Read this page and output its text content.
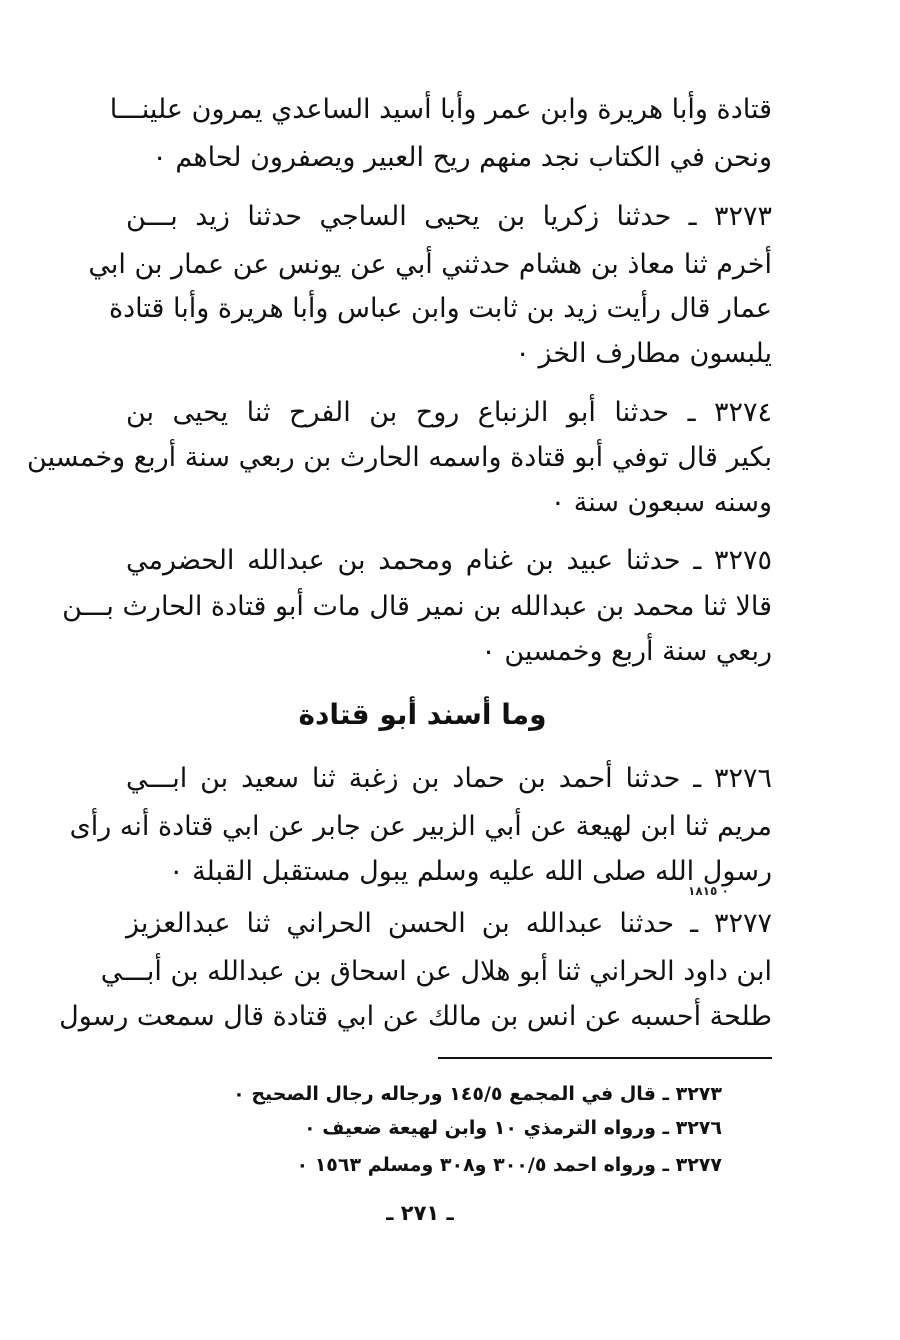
قتادة وأبا هريرة وابن عمر وأبا أسيد الساعدي يمرون علينـــا
ونحن في الكتاب نجد منهم ريح العبير ويصفرون لحاهم ٠
٣٢٧٣ ـ حدثنا زكريا بن يحيى الساجي حدثنا زيد بـــن
أخرم ثنا معاذ بن هشام حدثني أبي عن يونس عن عمار بن ابي
عمار قال رأيت زيد بن ثابت وابن عباس وأبا هريرة وأبا قتادة
يلبسون مطارف الخز ٠
٣٢٧٤ ـ حدثنا أبو الزنباع روح بن الفرح ثنا يحيى بن
بكير قال توفي أبو قتادة واسمه الحارث بن ربعي سنة أربع وخمسين
وسنه سبعون سنة ٠
٣٢٧٥ ـ حدثنا عبيد بن غنام ومحمد بن عبدالله الحضرمي
قالا ثنا محمد بن عبدالله بن نمير قال مات أبو قتادة الحارث بـــن
ربعي سنة أربع وخمسين ٠
وما أسند أبو قتادة
٣٢٧٦ ـ حدثنا أحمد بن حماد بن زغبة ثنا سعيد بن ابـــي
مريم ثنا ابن لهيعة عن أبي الزبير عن جابر عن ابي قتادة أنه رأى
رسول الله صلى الله عليه وسلم يبول مستقبل القبلة ٠
٠ ١٨١٥
٣٢٧٧ ـ حدثنا عبدالله بن الحسن الحراني ثنا عبدالعزيز
ابن داود الحراني ثنا أبو هلال عن اسحاق بن عبدالله بن أبـــي
طلحة أحسبه عن انس بن مالك عن ابي قتادة قال سمعت رسول
٣٢٧٣ ـ قال في المجمع ١٤٥/٥ ورجاله رجال الصحيح ٠
٣٢٧٦ ـ ورواه الترمذي ١٠ وابن لهيعة ضعيف ٠
٣٢٧٧ ـ ورواه احمد ٣٠٠/٥ و٣٠٨ ومسلم ١٥٦٣ ٠
ـ ٢٧١ ـ
